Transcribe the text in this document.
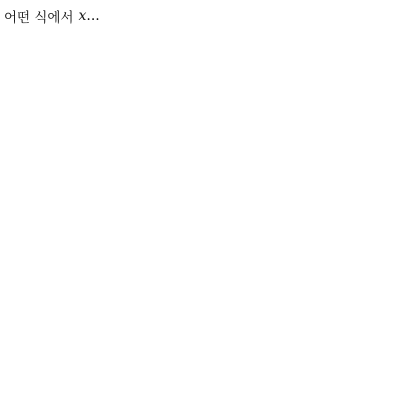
어떤 식에서 x...
